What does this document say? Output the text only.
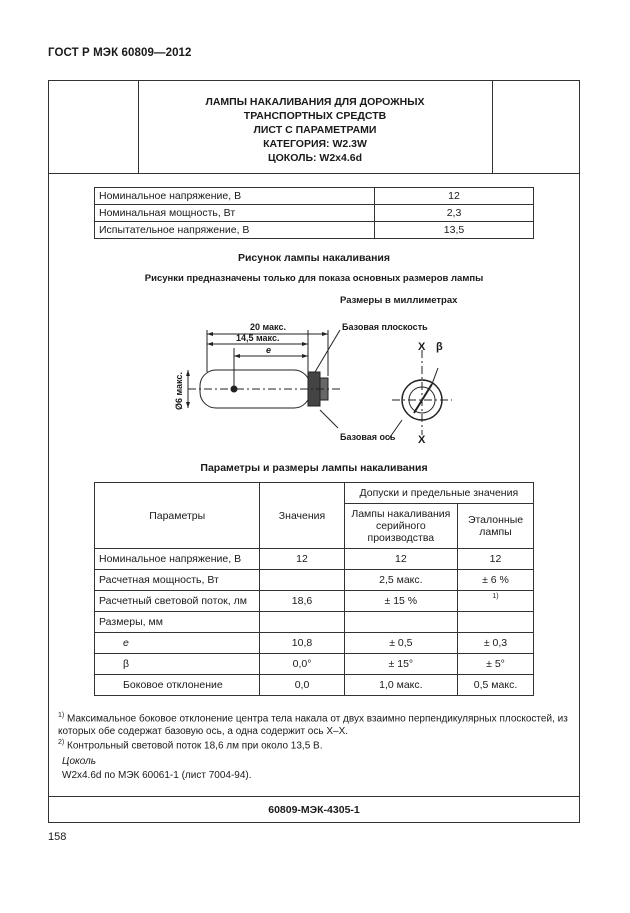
ГОСТ Р МЭК 60809—2012
ЛАМПЫ НАКАЛИВАНИЯ ДЛЯ ДОРОЖНЫХ
ТРАНСПОРТНЫХ СРЕДСТВ
ЛИСТ С ПАРАМЕТРАМИ
КАТЕГОРИЯ: W2.3W
ЦОКОЛЬ: W2x4.6d
Номинальное напряжение, В	12
Номинальная мощность, Вт	2,3
Испытательное напряжение, В	13,5
Рисунок лампы накаливания
Рисунки предназначены только для показа основных размеров лампы
Размеры в миллиметрах
20 макс.
14,5 макс.
e
Ø6 макс.
Базовая плоскость
Базовая ось
X
X
β
Параметры и размеры лампы накаливания
Параметры	Значения	Допуски и предельные значения	
		Лампы накаливания серийного производства	Эталонные лампы
Номинальное напряжение, В	12	12	12
Расчетная мощность, Вт		2,5 макс.	± 6 %
Расчетный световой поток, лм	18,6	± 15 %	1)
Размеры, мм			
e	10,8	± 0,5	± 0,3
β	0,0°	± 15°	± 5°
Боковое отклонение	0,0	1,0 макс.	0,5 макс.
$^{1)}$ Максимальное боковое отклонение центра тела накала от двух взаимно перпендикулярных плоскостей, из которых обе содержат базовую ось, а одна содержит ось X–X.
$^{2)}$ Контрольный световой поток 18,6 лм при около 13,5 В.
Цоколь
W2x4.6d по МЭК 60061-1 (лист 7004-94).
60809-МЭК-4305-1
158
